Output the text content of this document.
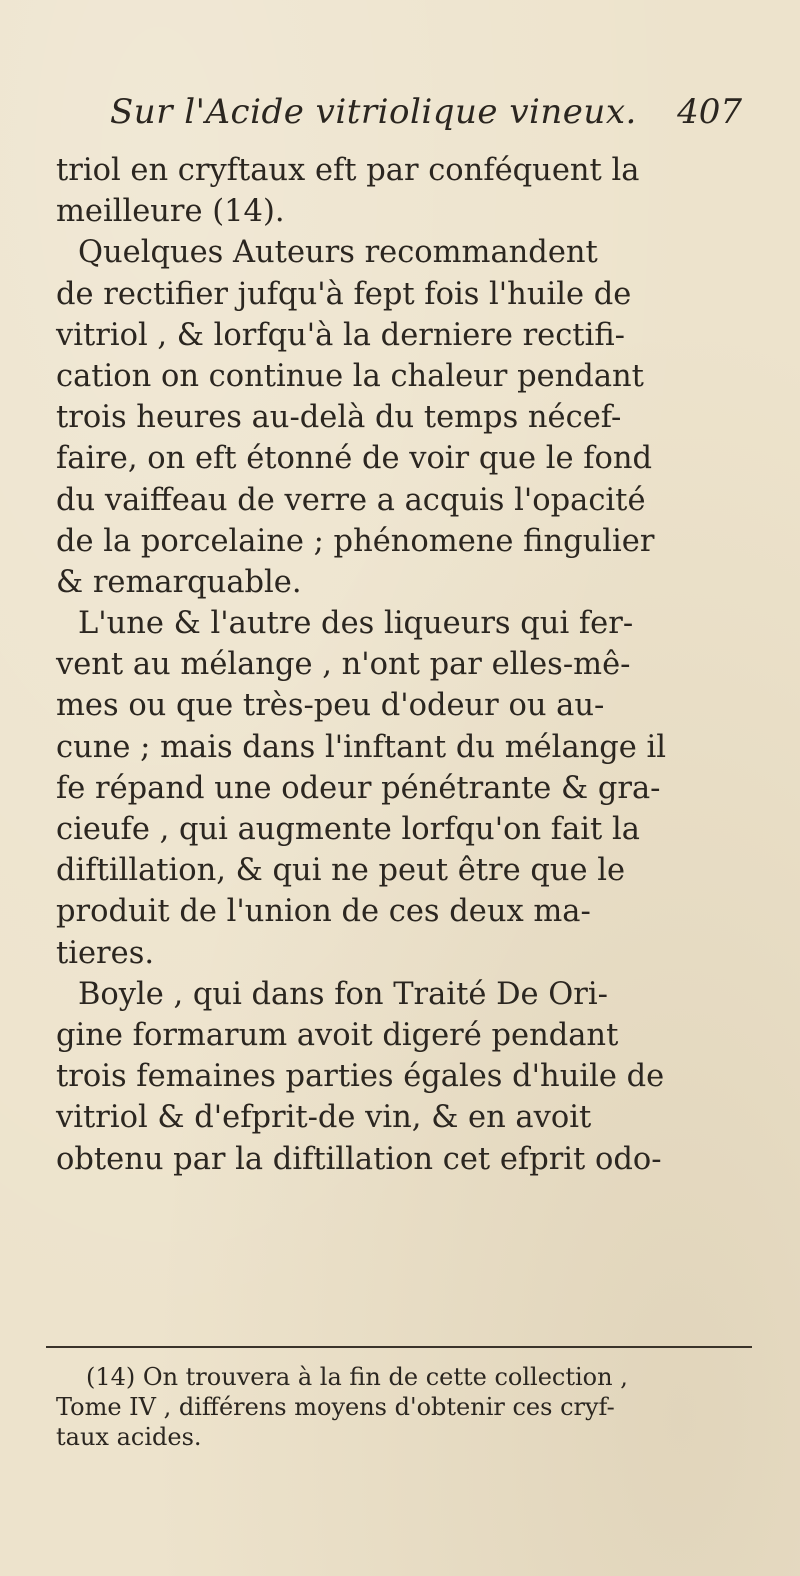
Sur l'Acide vitriolique vineux. 407
triol en cryftaux eft par conféquent la
meilleure (14).
Quelques Auteurs recommandent
de rectifier jufqu'à fept fois l'huile de
vitriol , & lorfqu'à la derniere rectifi-
cation on continue la chaleur pendant
trois heures au-delà du temps nécef-
faire, on eft étonné de voir que le fond
du vaiffeau de verre a acquis l'opacité
de la porcelaine ; phénomene fingulier
& remarquable.
L'une & l'autre des liqueurs qui fer-
vent au mélange , n'ont par elles-mê-
mes ou que très-peu d'odeur ou au-
cune ; mais dans l'inftant du mélange il
fe répand une odeur pénétrante & gra-
cieufe , qui augmente lorfqu'on fait la
diftillation, & qui ne peut être que le
produit de l'union de ces deux ma-
tieres.
Boyle , qui dans fon Traité De Ori-
gine formarum avoit digeré pendant
trois femaines parties égales d'huile de
vitriol & d'efprit-de vin, & en avoit
obtenu par la diftillation cet efprit odo-
(14) On trouvera à la fin de cette collection ,
Tome IV , différens moyens d'obtenir ces cryf-
taux acides.
